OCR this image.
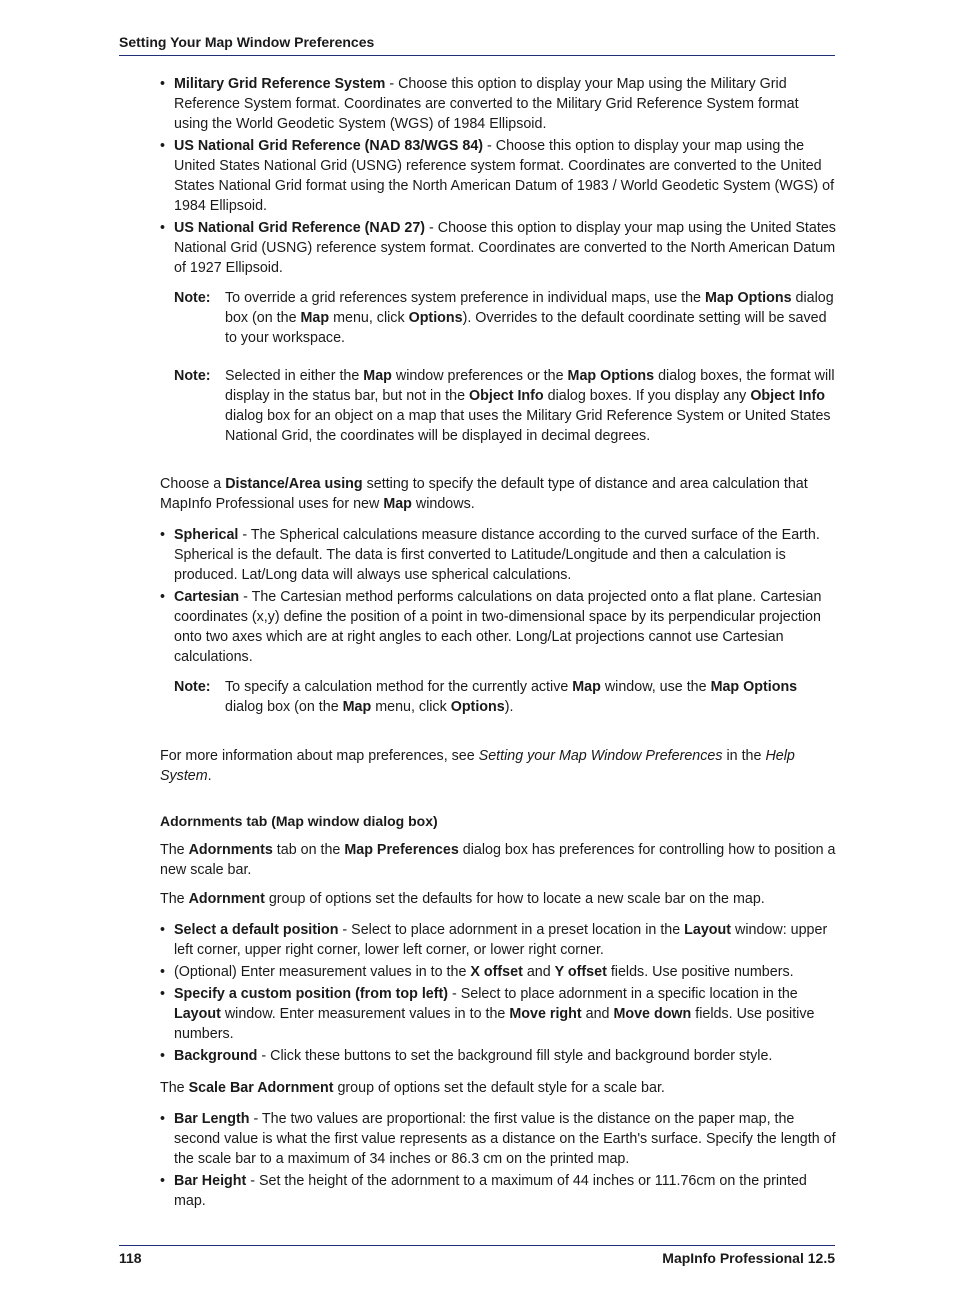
Setting Your Map Window Preferences
• Military Grid Reference System - Choose this option to display your Map using the Military Grid Reference System format. Coordinates are converted to the Military Grid Reference System format using the World Geodetic System (WGS) of 1984 Ellipsoid.
• US National Grid Reference (NAD 83/WGS 84) - Choose this option to display your map using the United States National Grid (USNG) reference system format. Coordinates are converted to the United States National Grid format using the North American Datum of 1983 / World Geodetic System (WGS) of 1984 Ellipsoid.
• US National Grid Reference (NAD 27) - Choose this option to display your map using the United States National Grid (USNG) reference system format. Coordinates are converted to the North American Datum of 1927 Ellipsoid.
Note:	To override a grid references system preference in individual maps, use the Map Options dialog box (on the Map menu, click Options). Overrides to the default coordinate setting will be saved to your workspace.
Note:	Selected in either the Map window preferences or the Map Options dialog boxes, the format will display in the status bar, but not in the Object Info dialog boxes. If you display any Object Info dialog box for an object on a map that uses the Military Grid Reference System or United States National Grid, the coordinates will be displayed in decimal degrees.

Choose a Distance/Area using setting to specify the default type of distance and area calculation that MapInfo Professional uses for new Map windows.

• Spherical - The Spherical calculations measure distance according to the curved surface of the Earth. Spherical is the default. The data is first converted to Latitude/Longitude and then a calculation is produced. Lat/Long data will always use spherical calculations.
• Cartesian - The Cartesian method performs calculations on data projected onto a flat plane. Cartesian coordinates (x,y) define the position of a point in two-dimensional space by its perpendicular projection onto two axes which are at right angles to each other. Long/Lat projections cannot use Cartesian calculations.
Note:	To specify a calculation method for the currently active Map window, use the Map Options dialog box (on the Map menu, click Options).

For more information about map preferences, see Setting your Map Window Preferences in the Help System.

Adornments tab (Map window dialog box)

The Adornments tab on the Map Preferences dialog box has preferences for controlling how to position a new scale bar.

The Adornment group of options set the defaults for how to locate a new scale bar on the map.

• Select a default position - Select to place adornment in a preset location in the Layout window: upper left corner, upper right corner, lower left corner, or lower right corner.
• (Optional) Enter measurement values in to the X offset and Y offset fields. Use positive numbers.
• Specify a custom position (from top left) - Select to place adornment in a specific location in the Layout window. Enter measurement values in to the Move right and Move down fields. Use positive numbers.
• Background - Click these buttons to set the background fill style and background border style.

The Scale Bar Adornment group of options set the default style for a scale bar.

• Bar Length - The two values are proportional: the first value is the distance on the paper map, the second value is what the first value represents as a distance on the Earth's surface. Specify the length of the scale bar to a maximum of 34 inches or 86.3 cm on the printed map.
• Bar Height - Set the height of the adornment to a maximum of 44 inches or 111.76cm on the printed map.
118	MapInfo Professional 12.5
